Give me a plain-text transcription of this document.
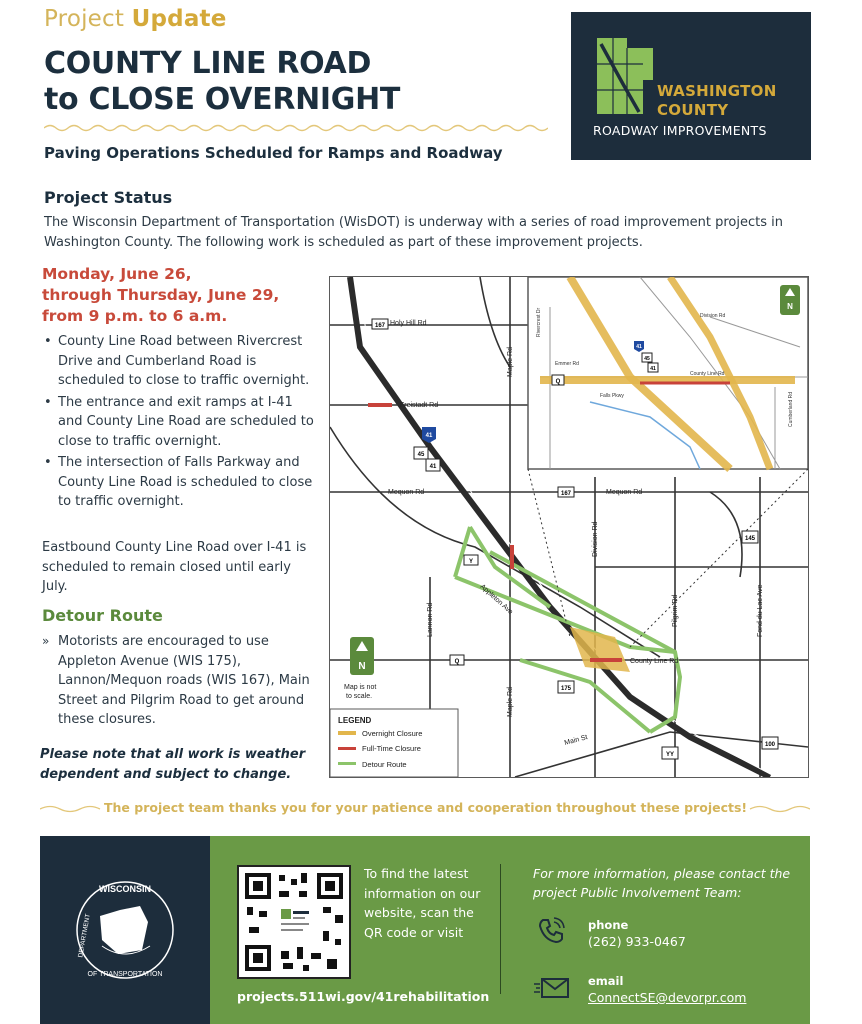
Project Update
COUNTY LINE ROAD
to CLOSE OVERNIGHT
Paving Operations Scheduled for Ramps and Roadway
WASHINGTON
COUNTY
ROADWAY IMPROVEMENTS
Project Status
The Wisconsin Department of Transportation (WisDOT) is underway with a series of road improvement projects in Washington County. The following work is scheduled as part of these improvement projects.
Monday, June 26,
through Thursday, June 29,
from 9 p.m. to 6 a.m.
• County Line Road between Rivercrest Drive and Cumberland Road is scheduled to close to traffic overnight.
• The entrance and exit ramps at I-41 and County Line Road are scheduled to close to traffic overnight.
• The intersection of Falls Parkway and County Line Road is scheduled to close to traffic overnight.
Eastbound County Line Road over I-41 is scheduled to remain closed until early July.
Detour Route
» Motorists are encouraged to use Appleton Avenue (WIS 175), Lannon/Mequon roads (WIS 167), Main Street and Pilgrim Road to get around these closures.
Please note that all work is weather dependent and subject to change.
N
N
Holy Hill Rd
Freistadt Rd
Mequon Rd	Mequon Rd
Maple Rd
Maple Rd
Division Rd
Pilgrim Rd	Fond du Lac Ave
Lannon Rd
Appleton Ave
County Line Rd
Main St
Division Rd
Rivercrest Dr
Emmer Rd
County Line Rd
Falls Pkwy	Cumberland Rd
167
41
45
41
167
145
Y
Q
175
YY
100
Q
41
45
41
Map is not
to scale.
LEGEND
Overnight Closure
Full-Time Closure
Detour Route
The project team thanks you for your patience and cooperation throughout these projects!
WISCONSIN
DEPARTMENT
OF TRANSPORTATION
To find the latest information on our website, scan the QR code or visit
projects.511wi.gov/41rehabilitation
For more information, please contact the project Public Involvement Team:
phone
(262) 933-0467
email
ConnectSE@devorpr.com
